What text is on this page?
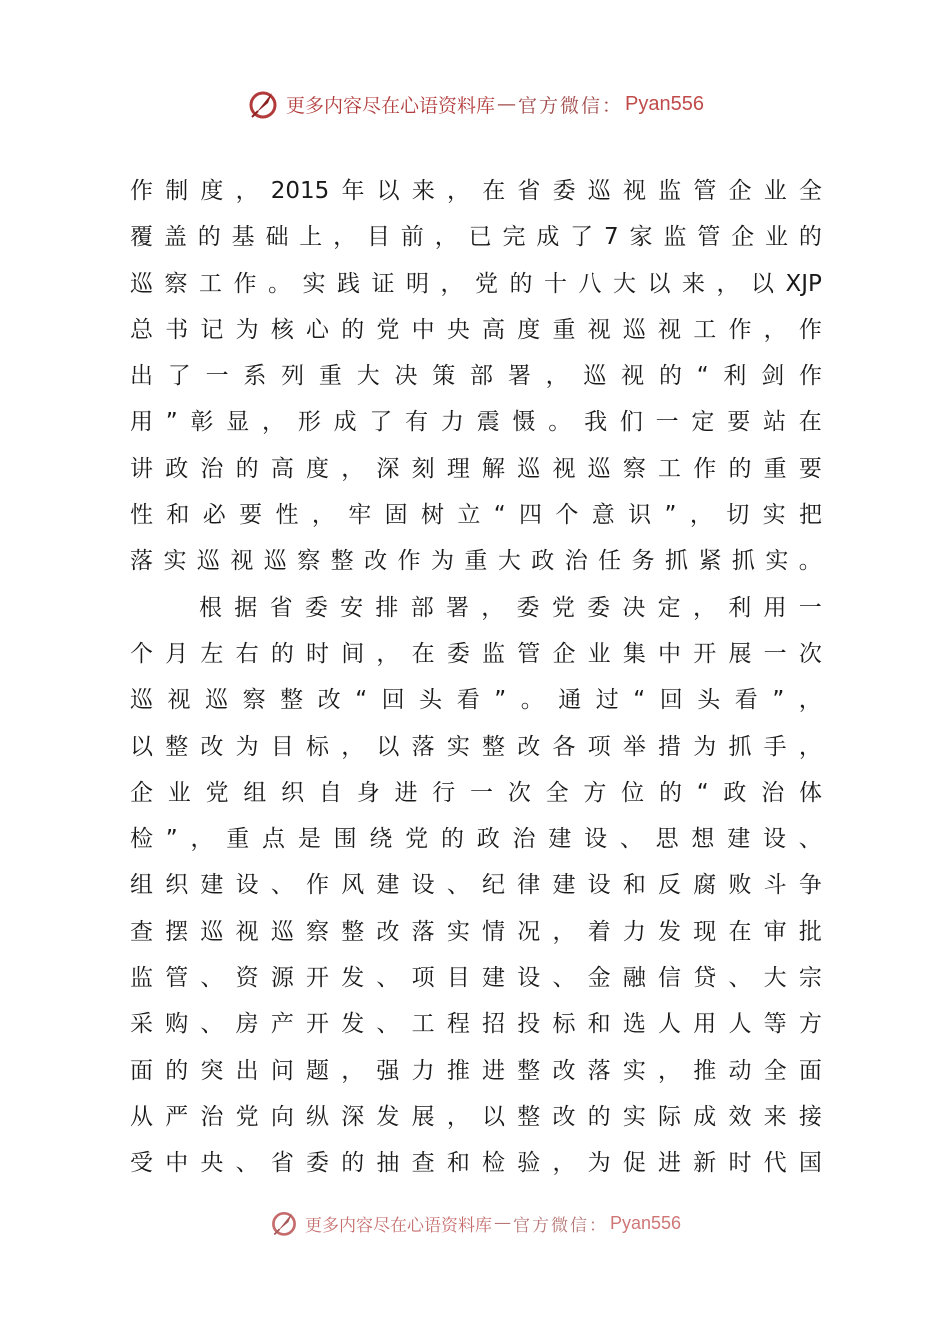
更多内容尽在心语资料库 — 官方微信： Pyan556
作 制 度 ， 2015 年 以 来 ， 在 省 委 巡 视 监 管 企 业 全
覆 盖 的 基 础 上 ， 目 前 ， 已 完 成 了 7 家 监 管 企 业 的
巡 察 工 作 。 实 践 证 明 ， 党 的 十 八 大 以 来 ， 以 XJP
总 书 记 为 核 心 的 党 中 央 高 度 重 视 巡 视 工 作 ， 作
出 了 一 系 列 重 大 决 策 部 署 ， 巡 视 的 “ 利 剑 作
用 ” 彰 显 ， 形 成 了 有 力 震 慑 。 我 们 一 定 要 站 在
讲 政 治 的 高 度 ， 深 刻 理 解 巡 视 巡 察 工 作 的 重 要
性 和 必 要 性 ， 牢 固 树 立 “ 四 个 意 识 ” ， 切 实 把
落 实 巡 视 巡 察 整 改 作 为 重 大 政 治 任 务 抓 紧 抓 实 。
根 据 省 委 安 排 部 署 ， 委 党 委 决 定 ， 利 用 一
个 月 左 右 的 时 间 ， 在 委 监 管 企 业 集 中 开 展 一 次
巡 视 巡 察 整 改 “ 回 头 看 ” 。 通 过 “ 回 头 看 ” ，
以 整 改 为 目 标 ， 以 落 实 整 改 各 项 举 措 为 抓 手 ，
企 业 党 组 织 自 身 进 行 一 次 全 方 位 的 “ 政 治 体
检 ” ， 重 点 是 围 绕 党 的 政 治 建 设 、 思 想 建 设 、
组 织 建 设 、 作 风 建 设 、 纪 律 建 设 和 反 腐 败 斗 争
查 摆 巡 视 巡 察 整 改 落 实 情 况 ， 着 力 发 现 在 审 批
监 管 、 资 源 开 发 、 项 目 建 设 、 金 融 信 贷 、 大 宗
采 购 、 房 产 开 发 、 工 程 招 投 标 和 选 人 用 人 等 方
面 的 突 出 问 题 ， 强 力 推 进 整 改 落 实 ， 推 动 全 面
从 严 治 党 向 纵 深 发 展 ， 以 整 改 的 实 际 成 效 来 接
受 中 央 、 省 委 的 抽 查 和 检 验 ， 为 促 进 新 时 代 国
更多内容尽在心语资料库 — 官方微信： Pyan556
